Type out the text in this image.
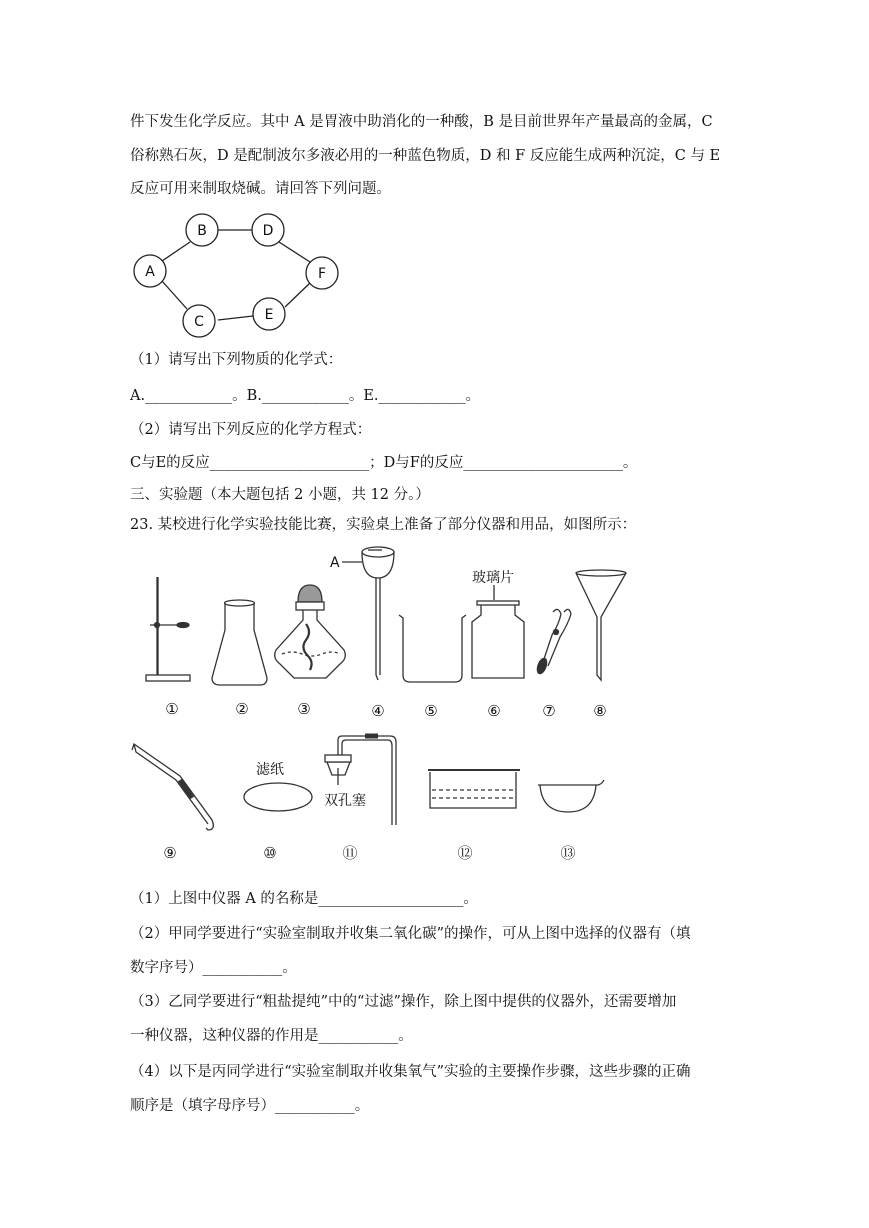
件下发生化学反应。其中 A 是胃液中助消化的一种酸，B 是目前世界年产量最高的金属，C
俗称熟石灰，D 是配制波尔多液必用的一种蓝色物质，D 和 F 反应能生成两种沉淀，C 与 E
反应可用来制取烧碱。请回答下列问题。
B	D
A	F
C	E
（1）请写出下列物质的化学式：
A.____________。B.____________。E.____________。
（2）请写出下列反应的化学方程式：
C与E的反应______________________；D与F的反应______________________。
三、实验题（本大题包括 2 小题，共 12 分。）
23. 某校进行化学实验技能比赛，实验桌上准备了部分仪器和用品，如图所示：
A
玻璃片
滤纸
双孔塞
①	②	③	④	⑤	⑥	⑦	⑧
⑨	⑩	⑪	⑫	⑬
（1）上图中仪器 A 的名称是____________________。
（2）甲同学要进行“实验室制取并收集二氧化碳”的操作，可从上图中选择的仪器有（填
数字序号）___________。
（3）乙同学要进行“粗盐提纯”中的“过滤”操作，除上图中提供的仪器外，还需要增加
一种仪器，这种仪器的作用是___________。
（4）以下是丙同学进行“实验室制取并收集氧气”实验的主要操作步骤，这些步骤的正确
顺序是（填字母序号）___________。
